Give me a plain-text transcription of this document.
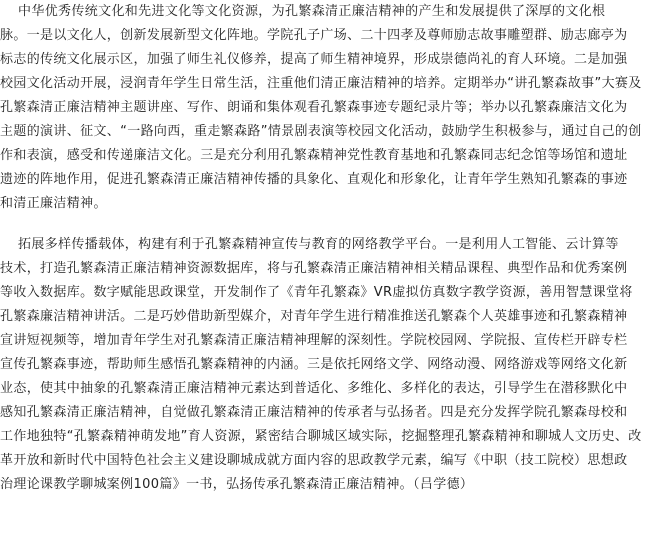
中华优秀传统文化和先进文化等文化资源，为孔繁森清正廉洁精神的产生和发展提供了深厚的文化根
脉。一是以文化人，创新发展新型文化阵地。学院孔子广场、二十四孝及尊师励志故事雕塑群、励志廊亭为
标志的传统文化展示区，加强了师生礼仪修养，提高了师生精神境界，形成崇德尚礼的育人环境。二是加强
校园文化活动开展，浸润青年学生日常生活，注重他们清正廉洁精神的培养。定期举办“讲孔繁森故事”大赛及
孔繁森清正廉洁精神主题讲座、写作、朗诵和集体观看孔繁森事迹专题纪录片等；举办以孔繁森廉洁文化为
主题的演讲、征文、“一路向西，重走繁森路”情景剧表演等校园文化活动，鼓励学生积极参与，通过自己的创
作和表演，感受和传递廉洁文化。三是充分利用孔繁森精神党性教育基地和孔繁森同志纪念馆等场馆和遗址
遗迹的阵地作用，促进孔繁森清正廉洁精神传播的具象化、直观化和形象化，让青年学生熟知孔繁森的事迹
和清正廉洁精神。
拓展多样传播载体，构建有利于孔繁森精神宣传与教育的网络教学平台。一是利用人工智能、云计算等
技术，打造孔繁森清正廉洁精神资源数据库，将与孔繁森清正廉洁精神相关精品课程、典型作品和优秀案例
等收入数据库。数字赋能思政课堂，开发制作了《青年孔繁森》VR虚拟仿真数字教学资源，善用智慧课堂将
孔繁森廉洁精神讲活。二是巧妙借助新型媒介，对青年学生进行精准推送孔繁森个人英雄事迹和孔繁森精神
宣讲短视频等，增加青年学生对孔繁森清正廉洁精神理解的深刻性。学院校园网、学院报、宣传栏开辟专栏
宣传孔繁森事迹，帮助师生感悟孔繁森精神的内涵。三是依托网络文学、网络动漫、网络游戏等网络文化新
业态，使其中抽象的孔繁森清正廉洁精神元素达到普适化、多维化、多样化的表达，引导学生在潜移默化中
感知孔繁森清正廉洁精神，自觉做孔繁森清正廉洁精神的传承者与弘扬者。四是充分发挥学院孔繁森母校和
工作地独特“孔繁森精神萌发地”育人资源，紧密结合聊城区域实际，挖掘整理孔繁森精神和聊城人文历史、改
革开放和新时代中国特色社会主义建设聊城成就方面内容的思政教学元素，编写《中职（技工院校）思想政
治理论课教学聊城案例100篇》一书，弘扬传承孔繁森清正廉洁精神。（吕学德）
